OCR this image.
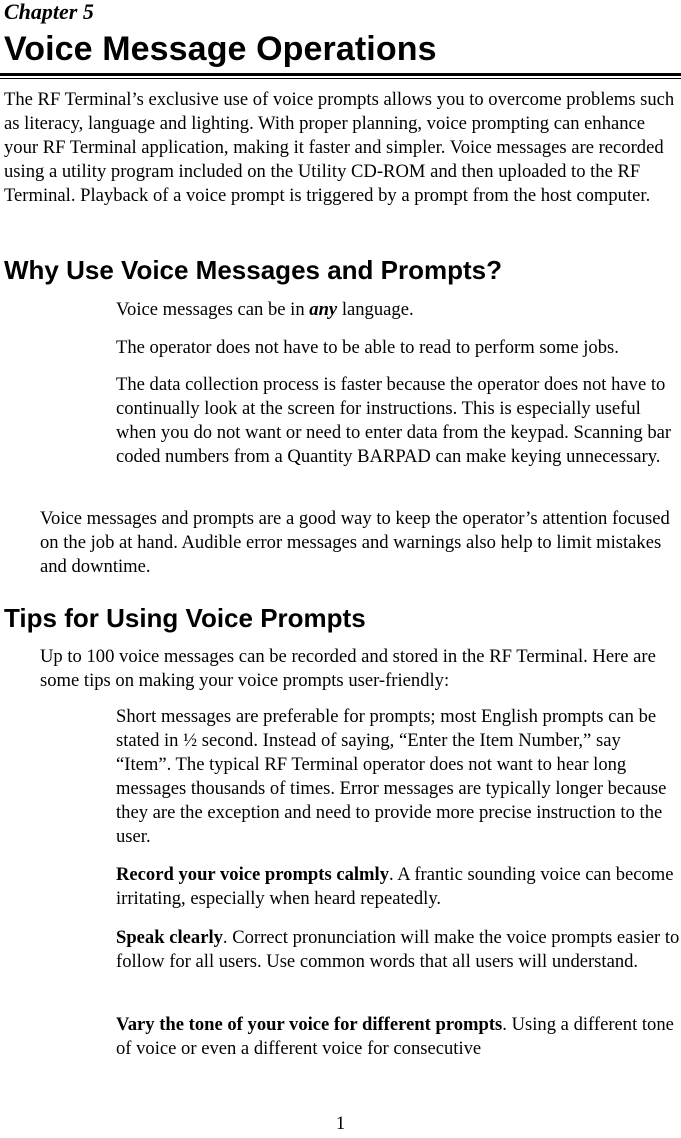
Chapter 5
Voice Message Operations

The RF Terminal’s exclusive use of voice prompts allows you to overcome problems such as literacy, language and lighting. With proper planning, voice prompting can enhance your RF Terminal application, making it faster and simpler. Voice messages are recorded using a utility program included on the Utility CD-ROM and then uploaded to the RF Terminal. Playback of a voice prompt is triggered by a prompt from the host computer.

Why Use Voice Messages and Prompts?

Voice messages can be in any language.

The operator does not have to be able to read to perform some jobs.

The data collection process is faster because the operator does not have to continually look at the screen for instructions. This is especially useful when you do not want or need to enter data from the keypad. Scanning bar coded numbers from a Quantity BARPAD can make keying unnecessary.

Voice messages and prompts are a good way to keep the operator’s attention focused on the job at hand. Audible error messages and warnings also help to limit mistakes and downtime.

Tips for Using Voice Prompts

Up to 100 voice messages can be recorded and stored in the RF Terminal. Here are some tips on making your voice prompts user-friendly:

Short messages are preferable for prompts; most English prompts can be stated in ½ second. Instead of saying, “Enter the Item Number,” say “Item”. The typical RF Terminal operator does not want to hear long messages thousands of times. Error messages are typically longer because they are the exception and need to provide more precise instruction to the user.

Record your voice prompts calmly. A frantic sounding voice can become irritating, especially when heard repeatedly.

Speak clearly. Correct pronunciation will make the voice prompts easier to follow for all users. Use common words that all users will understand.

Vary the tone of your voice for different prompts. Using a different tone of voice or even a different voice for consecutive

1
